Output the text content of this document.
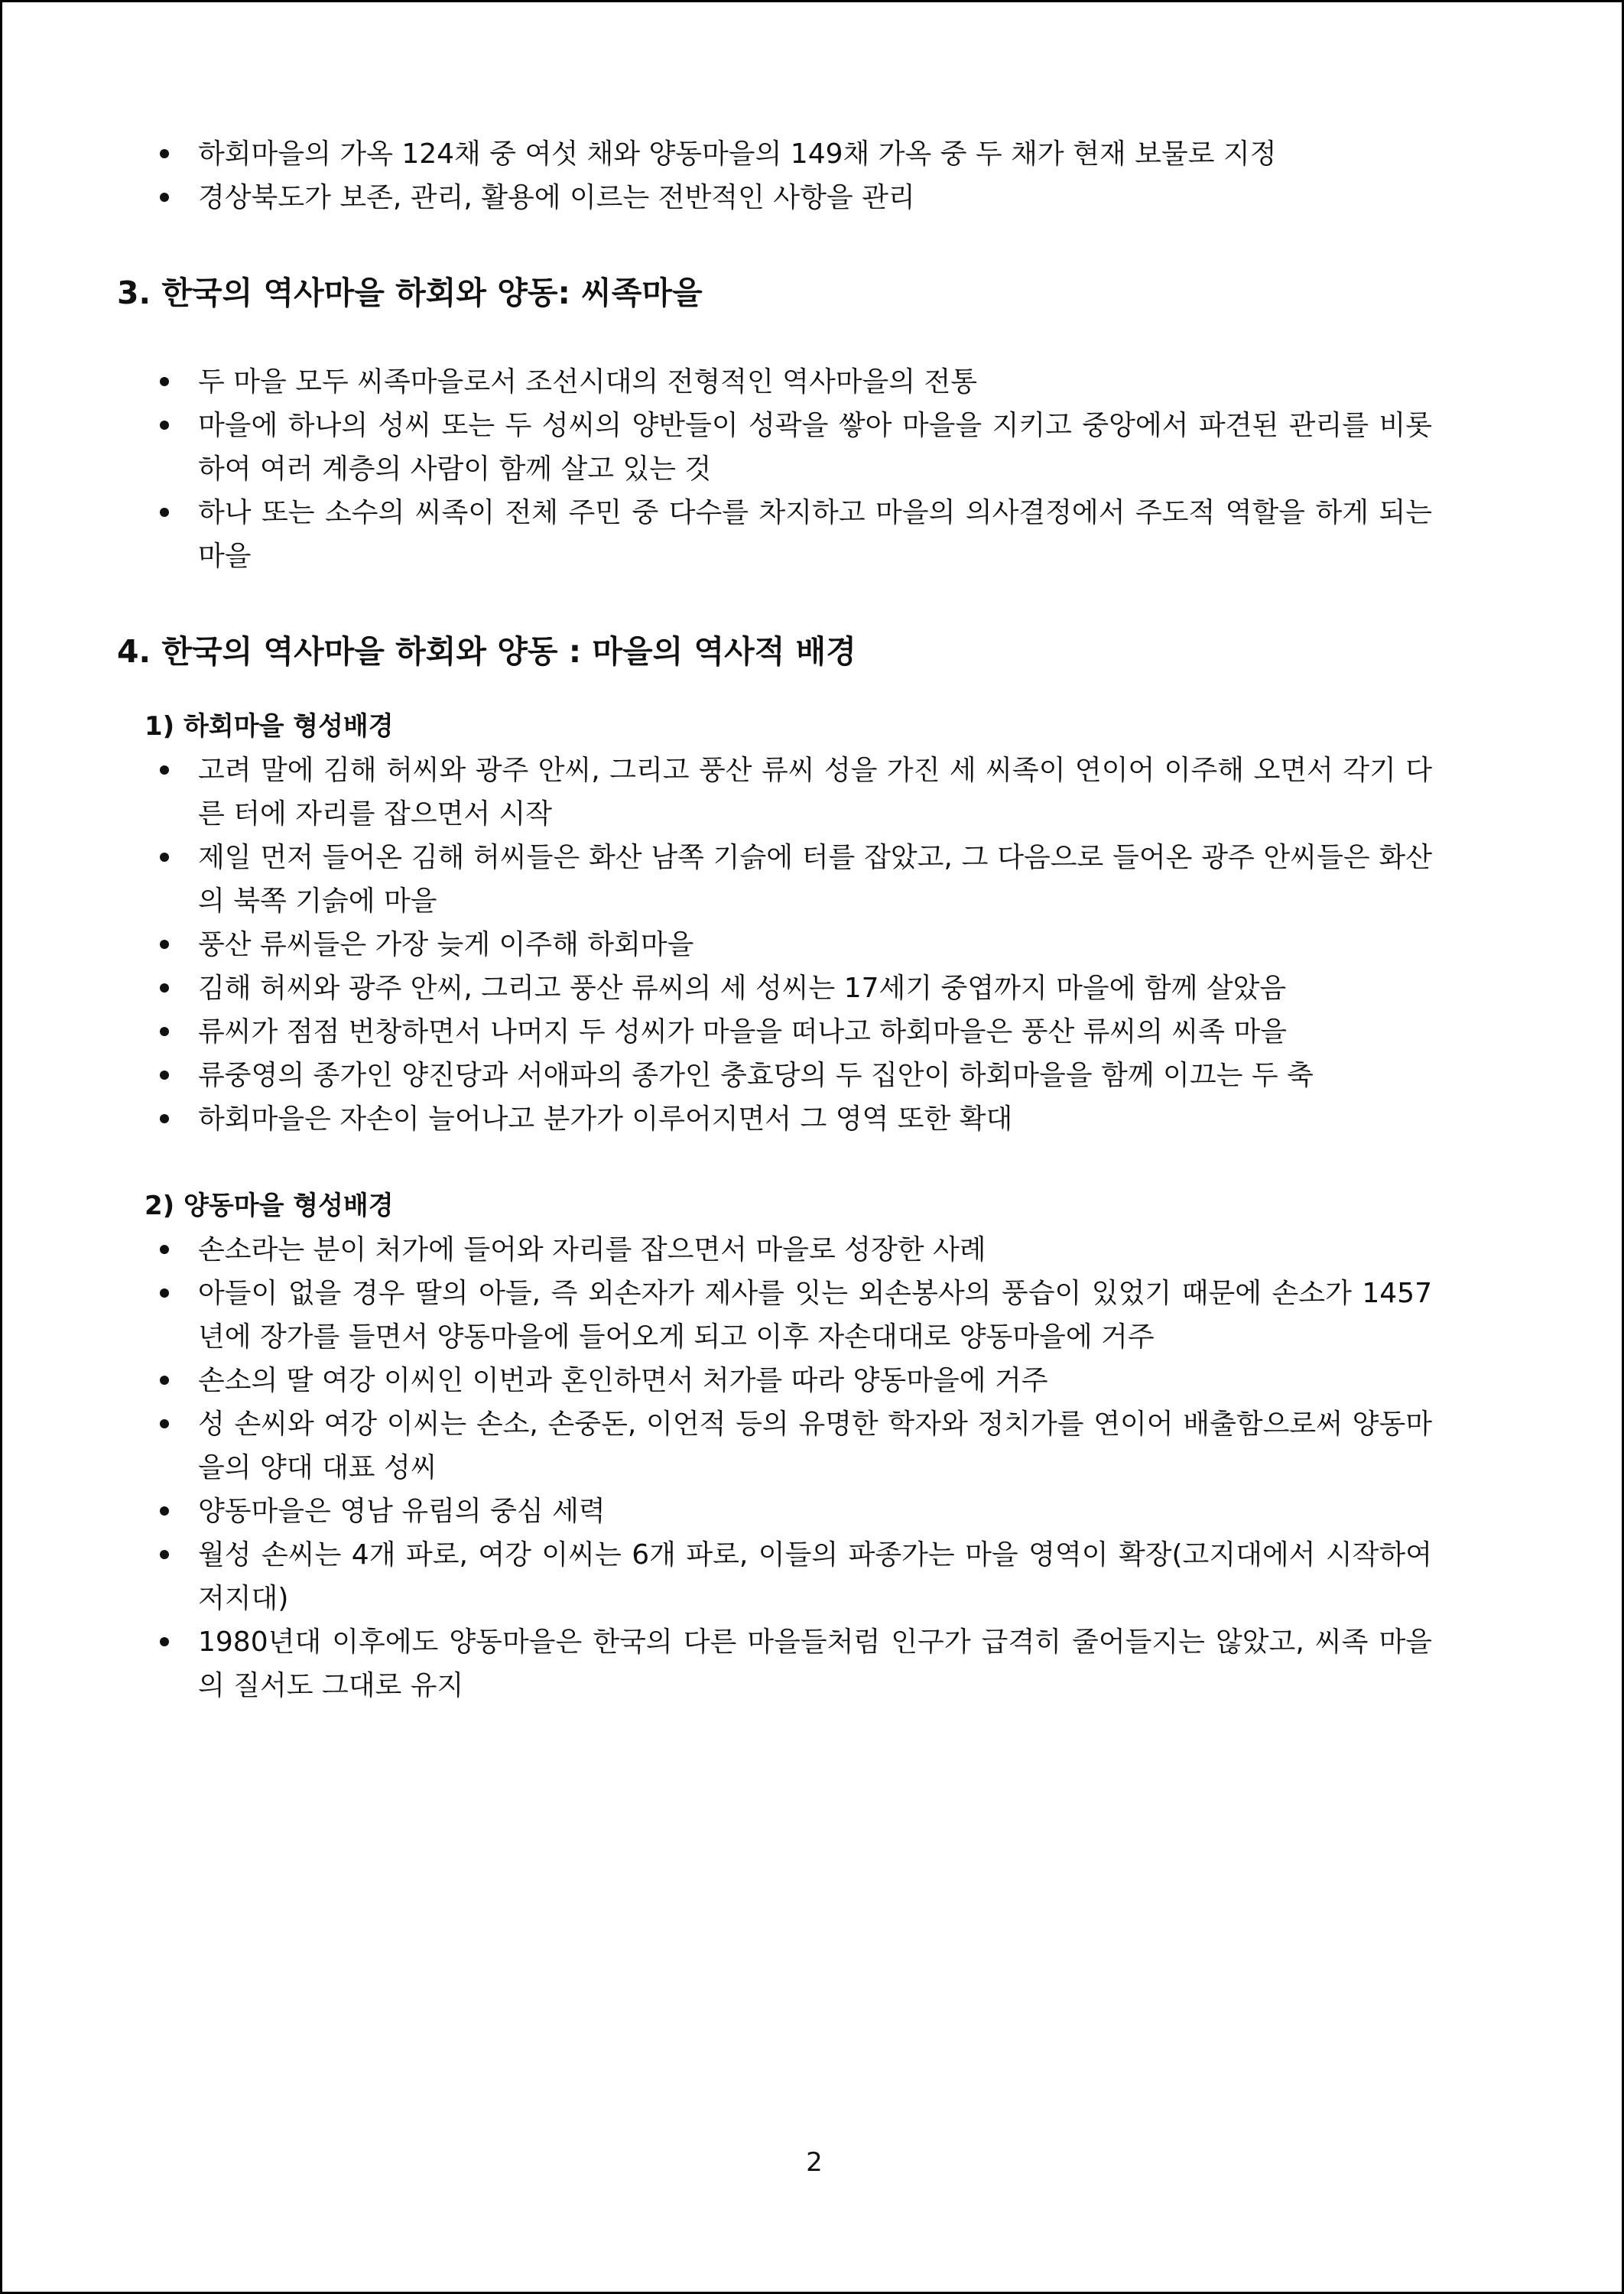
하회마을의 가옥 124채 중 여섯 채와 양동마을의 149채 가옥 중 두 채가 현재 보물로 지정
경상북도가 보존, 관리, 활용에 이르는 전반적인 사항을 관리
3. 한국의 역사마을 하회와 양동: 씨족마을
두 마을 모두 씨족마을로서 조선시대의 전형적인 역사마을의 전통
마을에 하나의 성씨 또는 두 성씨의 양반들이 성곽을 쌓아 마을을 지키고 중앙에서 파견된 관리를 비롯하여 여러 계층의 사람이 함께 살고 있는 것
하나 또는 소수의 씨족이 전체 주민 중 다수를 차지하고 마을의 의사결정에서 주도적 역할을 하게 되는 마을
4. 한국의 역사마을 하회와 양동 : 마을의 역사적 배경
1) 하회마을 형성배경
고려 말에 김해 허씨와 광주 안씨, 그리고 풍산 류씨 성을 가진 세 씨족이 연이어 이주해 오면서 각기 다른 터에 자리를 잡으면서 시작
제일 먼저 들어온 김해 허씨들은 화산 남쪽 기슭에 터를 잡았고, 그 다음으로 들어온 광주 안씨들은 화산의 북쪽 기슭에 마을
풍산 류씨들은 가장 늦게 이주해 하회마을
김해 허씨와 광주 안씨, 그리고 풍산 류씨의 세 성씨는 17세기 중엽까지 마을에 함께 살았음
류씨가 점점 번창하면서 나머지 두 성씨가 마을을 떠나고 하회마을은 풍산 류씨의 씨족 마을
류중영의 종가인 양진당과 서애파의 종가인 충효당의 두 집안이 하회마을을 함께 이끄는 두 축
하회마을은 자손이 늘어나고 분가가 이루어지면서 그 영역 또한 확대
2) 양동마을 형성배경
손소라는 분이 처가에 들어와 자리를 잡으면서 마을로 성장한 사례
아들이 없을 경우 딸의 아들, 즉 외손자가 제사를 잇는 외손봉사의 풍습이 있었기 때문에 손소가 1457년에 장가를 들면서 양동마을에 들어오게 되고 이후 자손대대로 양동마을에 거주
손소의 딸 여강 이씨인 이번과 혼인하면서 처가를 따라 양동마을에 거주
성 손씨와 여강 이씨는 손소, 손중돈, 이언적 등의 유명한 학자와 정치가를 연이어 배출함으로써 양동마을의 양대 대표 성씨
양동마을은 영남 유림의 중심 세력
월성 손씨는 4개 파로, 여강 이씨는 6개 파로, 이들의 파종가는 마을 영역이 확장(고지대에서 시작하여 저지대)
1980년대 이후에도 양동마을은 한국의 다른 마을들처럼 인구가 급격히 줄어들지는 않았고, 씨족 마을의 질서도 그대로 유지
2
